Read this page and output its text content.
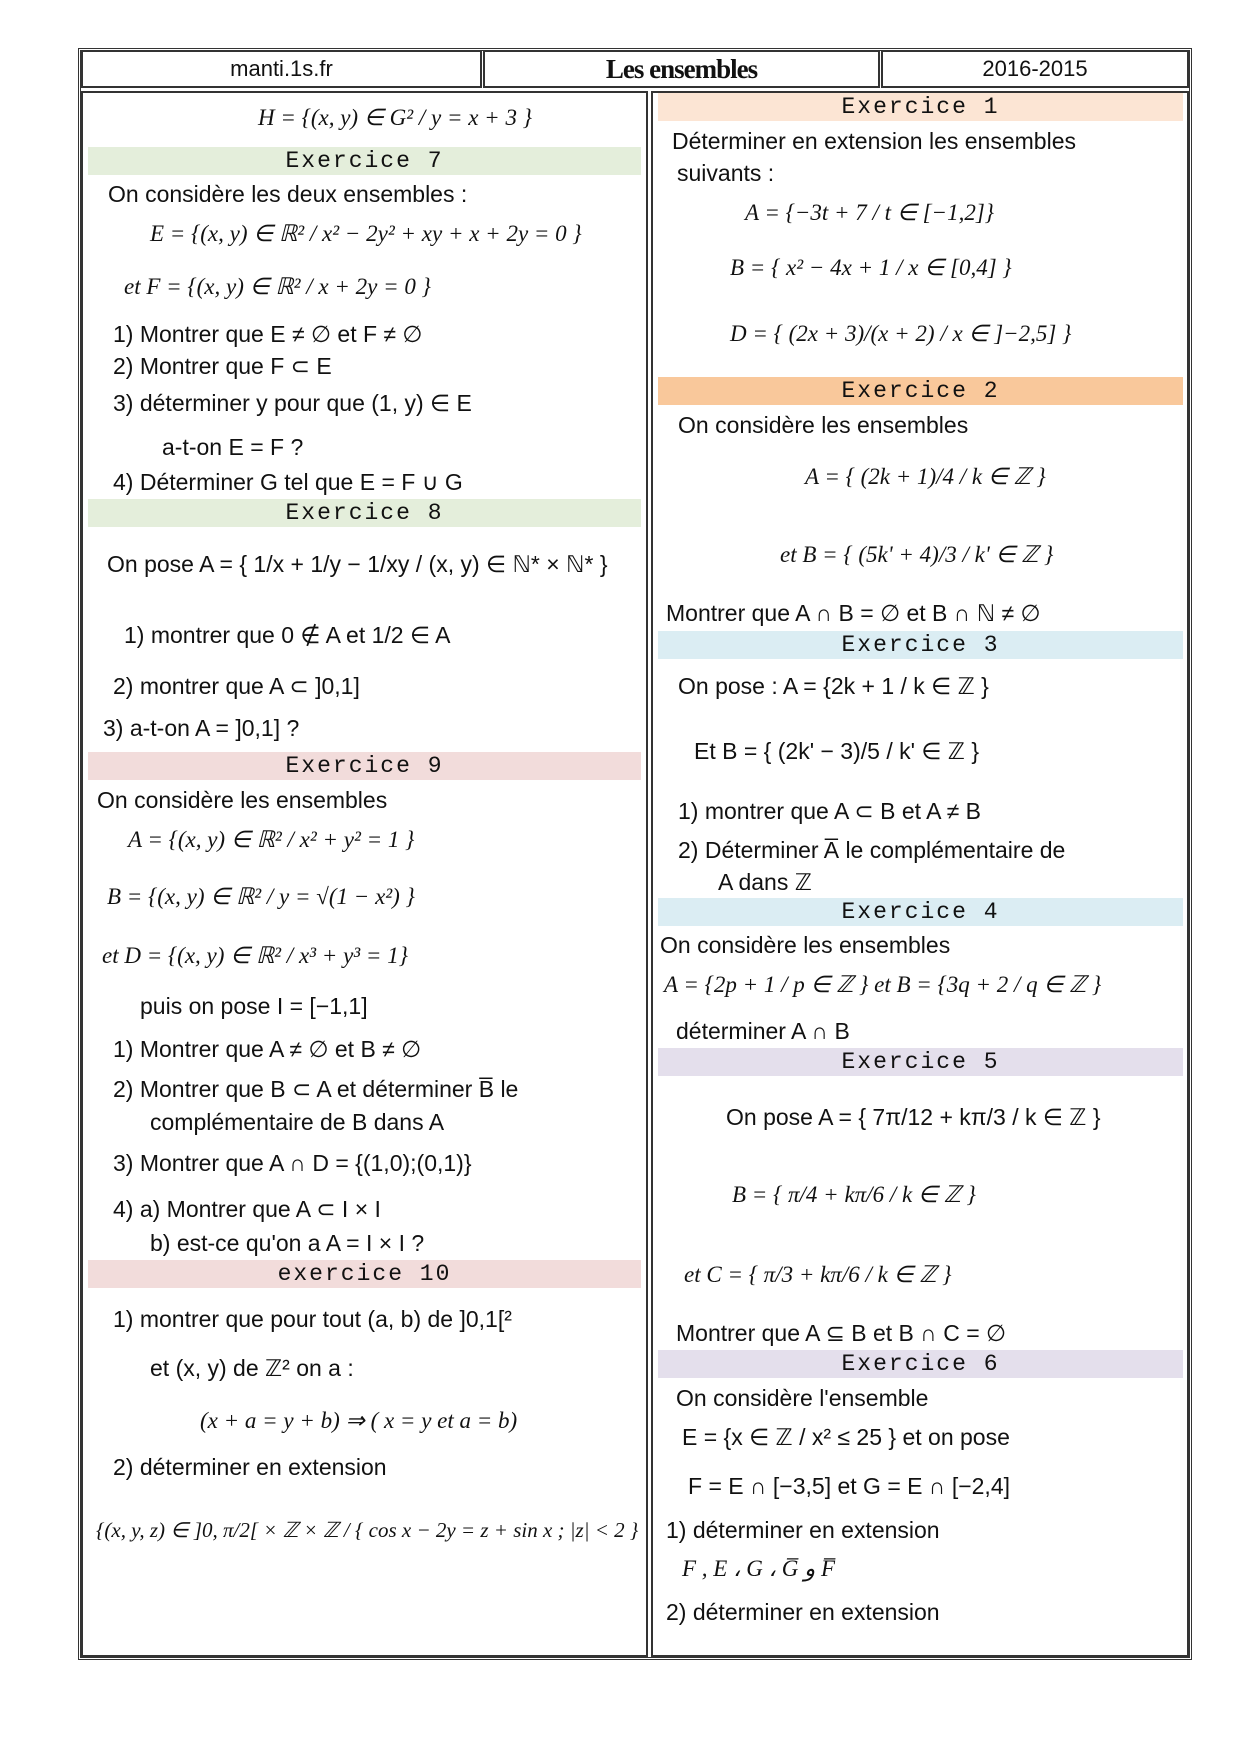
manti.1s.fr	Les ensembles	2016-2015
H = {(x, y) ∈ G² / y = x + 3 }
Exercice 7
On considère les deux ensembles :
E = {(x, y) ∈ ℝ² / x² − 2y² + xy + x + 2y = 0 }
et F = {(x, y) ∈ ℝ² / x + 2y = 0 }
1) Montrer que E ≠ ∅ et F ≠ ∅
2) Montrer que F ⊂ E
3) déterminer y pour que (1, y) ∈ E
a-t-on E = F ?
4) Déterminer G tel que E = F ∪ G
Exercice 8
On pose A = { 1/x + 1/y − 1/xy / (x, y) ∈ ℕ* × ℕ* }
1) montrer que 0 ∉ A et 1/2 ∈ A
2) montrer que A ⊂ ]0,1]
3) a-t-on A = ]0,1] ?
Exercice 9
On considère les ensembles
A = {(x, y) ∈ ℝ² / x² + y² = 1 }
B = {(x, y) ∈ ℝ² / y = √(1 − x²) }
et D = {(x, y) ∈ ℝ² / x³ + y³ = 1}
puis on pose I = [−1,1]
1) Montrer que A ≠ ∅ et B ≠ ∅
2) Montrer que B ⊂ A et déterminer B̅ le
complémentaire de B dans A
3) Montrer que A ∩ D = {(1,0);(0,1)}
4) a) Montrer que A ⊂ I × I
b) est-ce qu'on a A = I × I ?
exercice 10
1) montrer que pour tout (a, b) de ]0,1[²
et (x, y) de ℤ² on a :
(x + a = y + b) ⇒ ( x = y et a = b)
2) déterminer en extension
{(x, y, z) ∈ ]0, π/2[ × ℤ × ℤ / { cos x − 2y = z + sin x ; |z| < 2 }
Exercice 1
Déterminer en extension les ensembles
suivants :
A = {−3t + 7 / t ∈ [−1,2]}
B = { x² − 4x + 1 / x ∈ [0,4] }
D = { (2x + 3)/(x + 2) / x ∈ ]−2,5] }
Exercice 2
On considère les ensembles
A = { (2k + 1)/4 / k ∈ ℤ }
et B = { (5k' + 4)/3 / k' ∈ ℤ }
Montrer que A ∩ B = ∅ et B ∩ ℕ ≠ ∅
Exercice 3
On pose : A = {2k + 1 / k ∈ ℤ }
Et B = { (2k' − 3)/5 / k' ∈ ℤ }
1) montrer que A ⊂ B et A ≠ B
2) Déterminer A̅ le complémentaire de
A dans ℤ
Exercice 4
On considère les ensembles
A = {2p + 1 / p ∈ ℤ } et B = {3q + 2 / q ∈ ℤ }
déterminer A ∩ B
Exercice 5
On pose A = { 7π/12 + kπ/3 / k ∈ ℤ }
B = { π/4 + kπ/6 / k ∈ ℤ }
et C = { π/3 + kπ/6 / k ∈ ℤ }
Montrer que A ⊆ B et B ∩ C = ∅
Exercice 6
On considère l'ensemble
E = {x ∈ ℤ / x² ≤ 25 } et on pose
F = E ∩ [−3,5] et G = E ∩ [−2,4]
1) déterminer en extension
F , E ، G ، G̅ و F̅
2) déterminer en extension
